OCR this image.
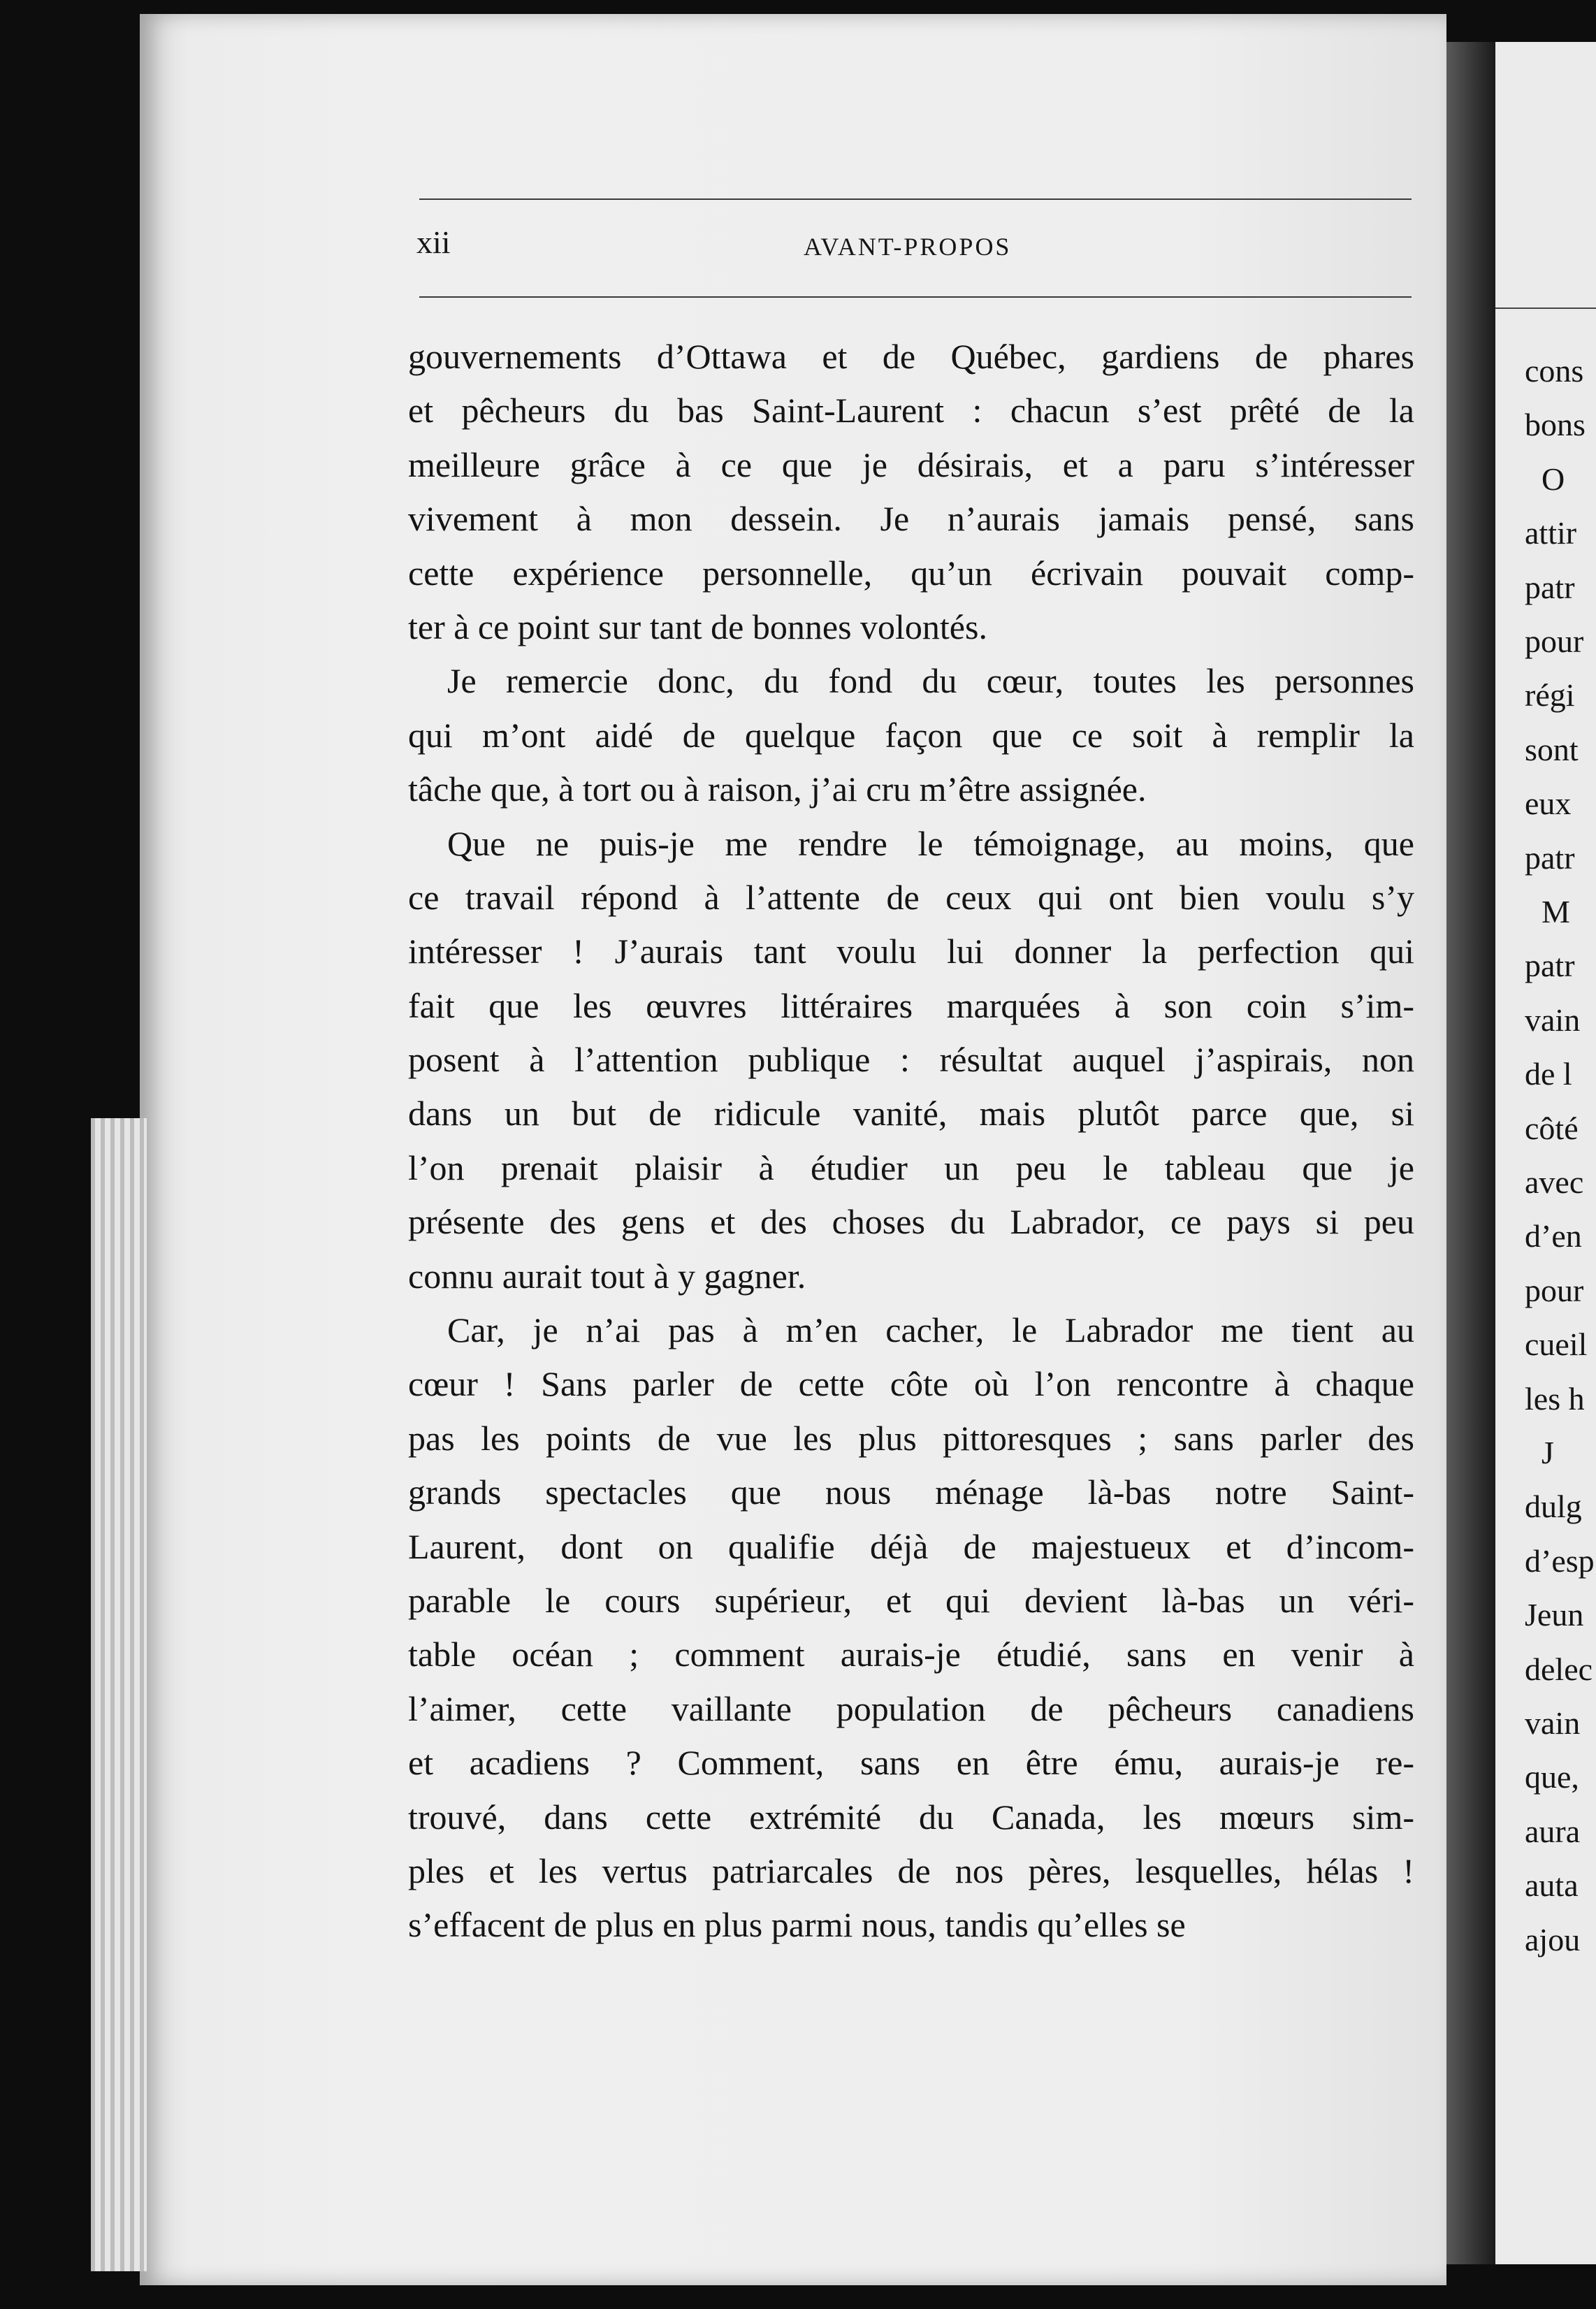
cons
bons
O
attir
patr
pour
régi
sont
eux
patr
M
patr
vain
de l
côté
avec
d’en
pour
cueil
les h
J
dulg
d’esp
Jeun
delec
vain
que,
aura
auta
ajou
xii	AVANT-PROPOS
gouvernements d’Ottawa et de Québec, gardiens de phares
et pêcheurs du bas Saint-Laurent : chacun s’est prêté de la
meilleure grâce à ce que je désirais, et a paru s’intéresser
vivement à mon dessein. Je n’aurais jamais pensé, sans
cette expérience personnelle, qu’un écrivain pouvait comp-
ter à ce point sur tant de bonnes volontés.
Je remercie donc, du fond du cœur, toutes les personnes
qui m’ont aidé de quelque façon que ce soit à remplir la
tâche que, à tort ou à raison, j’ai cru m’être assignée.
Que ne puis-je me rendre le témoignage, au moins, que
ce travail répond à l’attente de ceux qui ont bien voulu s’y
intéresser ! J’aurais tant voulu lui donner la perfection qui
fait que les œuvres littéraires marquées à son coin s’im-
posent à l’attention publique : résultat auquel j’aspirais, non
dans un but de ridicule vanité, mais plutôt parce que, si
l’on prenait plaisir à étudier un peu le tableau que je
présente des gens et des choses du Labrador, ce pays si peu
connu aurait tout à y gagner.
Car, je n’ai pas à m’en cacher, le Labrador me tient au
cœur ! Sans parler de cette côte où l’on rencontre à chaque
pas les points de vue les plus pittoresques ; sans parler des
grands spectacles que nous ménage là-bas notre Saint-
Laurent, dont on qualifie déjà de majestueux et d’incom-
parable le cours supérieur, et qui devient là-bas un véri-
table océan ; comment aurais-je étudié, sans en venir à
l’aimer, cette vaillante population de pêcheurs canadiens
et acadiens ? Comment, sans en être ému, aurais-je re-
trouvé, dans cette extrémité du Canada, les mœurs sim-
ples et les vertus patriarcales de nos pères, lesquelles, hélas !
s’effacent de plus en plus parmi nous, tandis qu’elles se
